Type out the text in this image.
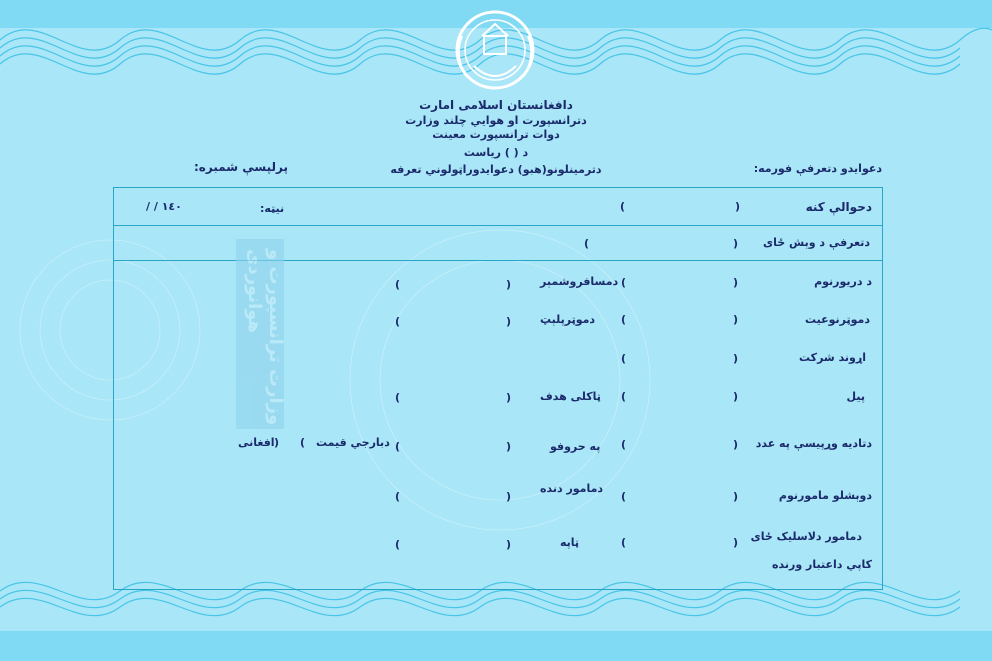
دافغانستان اسلامی امارت
دترانسپورت او هوايي چلند وزارت
دوات ترانسپورت معينت
د ( ) رياست
دترمینلونو(هبو) دعوایدوراټولوني تعرفه	دعوايدو دتعرفې فورمه:
پرلپسې شمبره:
وزارت ترانسپورت و هوانوردی
دحوالې کنه
(
)
نيټه:
/ / ١٤٠
دتعرفې د وېش ځای
(
)
د دريورنوم
(
)
دمسافروشمېر
(
)
دموټرنوعيت
(
)
دموټرپلېټ
(
)
اړوند شرکت
(
)
پيل
(
)
ټاکلی هدف
(
)
دتاديه وړپيسې په عدد
(
)
په حروفو
(
)
دبارجي قيمت
)
(
افغانی
دوېشلو مامورنوم
(
)
دمامور دنده
(
)
دمامور دلاسليک ځای
(
)
ټاپه
(
)
کاپي داعتبار ورنده
